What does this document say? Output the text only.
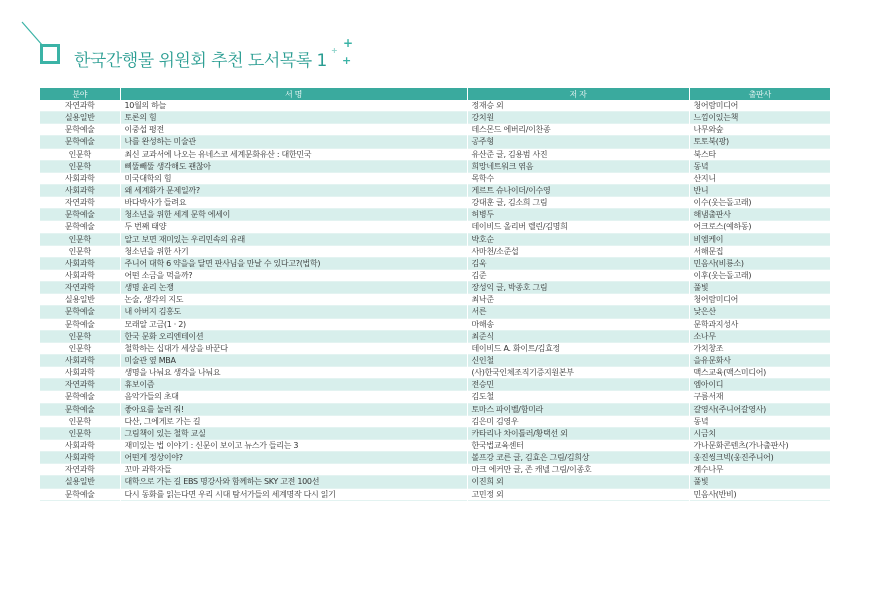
한국간행물 위원회 추천 도서목록 1
+
+
+
분야	서 명	저 자	출판사
자연과학	10월의 하늘	정재승 외	청어람미디어
실용일반	토론의 힘	강치원	느낌이있는책
문학예술	이중섭 평전	데스몬드 에버리/이찬종	나무와숲
문학예술	나를 완성하는 미술관	공주형	토토북(팡)
인문학	최신 교과서에 나오는 유네스코 세계문화유산 : 대한민국	유산준 글, 김용범 사진	북스타
인문학	삐뚤빼뚤 생각해도 괜찮아	희망네트워크 엮음	동녘
사회과학	미국대학의 힘	목학수	산지니
사회과학	왜 세계화가 문제일까?	게르트 슈나이더/이수영	반니
자연과학	바다박사가 들려요	강대훈 글, 김소희 그림	이수(웃는돌고래)
문학예술	청소년을 위한 세계 문학 에세이	허병두	해냄출판사
문학예술	두 번째 태양	데이비드 올리버 렐린/김명희	어크로스(예하동)
인문학	알고 보면 재미있는 우리민속의 유래	박호순	비엠케이
인문학	청소년을 위한 사기	사마천/소준섭	서해문집
사회과학	주니어 대학 6 약을을 달면 판사님을 만날 수 있다고?(법학)	김욱	민음사(비룡소)
사회과학	어떤 소금을 먹을까?	김준	이후(웃는돌고래)
자연과학	생명 윤리 논쟁	장성익 글, 박종호 그림	풀빛
실용일반	논술, 생각의 지도	최낙준	청어람미디어
문학예술	내 아버지 김홍도	서른	낮은산
문학예술	모래알 고금(1 · 2)	마해송	문학과지성사
인문학	한국 문화 오리엔테이션	최준식	소나무
인문학	철학하는 십대가 세상을 바꾼다	데이비드 A. 화이트/김효정	가치창조
사회과학	미술관 옆 MBA	신인철	을유문화사
사회과학	생명을 나눠요 생각을 나눠요	(사)한국인체조직기증지원본부	맥스교육(맥스미디어)
자연과학	휴보이즘	전승민	엠아이디
문학예술	음악가들의 초대	김도철	구름서재
문학예술	좋아요를 눌러 줘!	토마스 파이벨/함미라	갈영사(주니어갈영사)
인문학	다산, 그에게로 가는 길	김은미 김영우	동녘
인문학	그림책이 있는 철학 교실	카타리나 차이틀러/황택선 외	시금치
사회과학	재미있는 법 이야기 : 신문이 보이고 뉴스가 들리는 3	한국법교육센터	가나문화콘텐츠(가나출판사)
사회과학	어떤게 정상이야?	볼프강 코른 글, 김효은 그림/김희상	웅진씽크빅(웅진주니어)
자연과학	꼬마 과학자들	마크 에커만 글, 존 캐넬 그림/이종호	계수나무
실용일반	대학으로 가는 길 EBS 명강사와 함께하는 SKY 고전 100선	이진희 외	풀빛
문학예술	다시 동화를 읽는다면 우리 시대 탐서가들의 세계명작 다시 읽기	고민정 외	민음사(반비)
